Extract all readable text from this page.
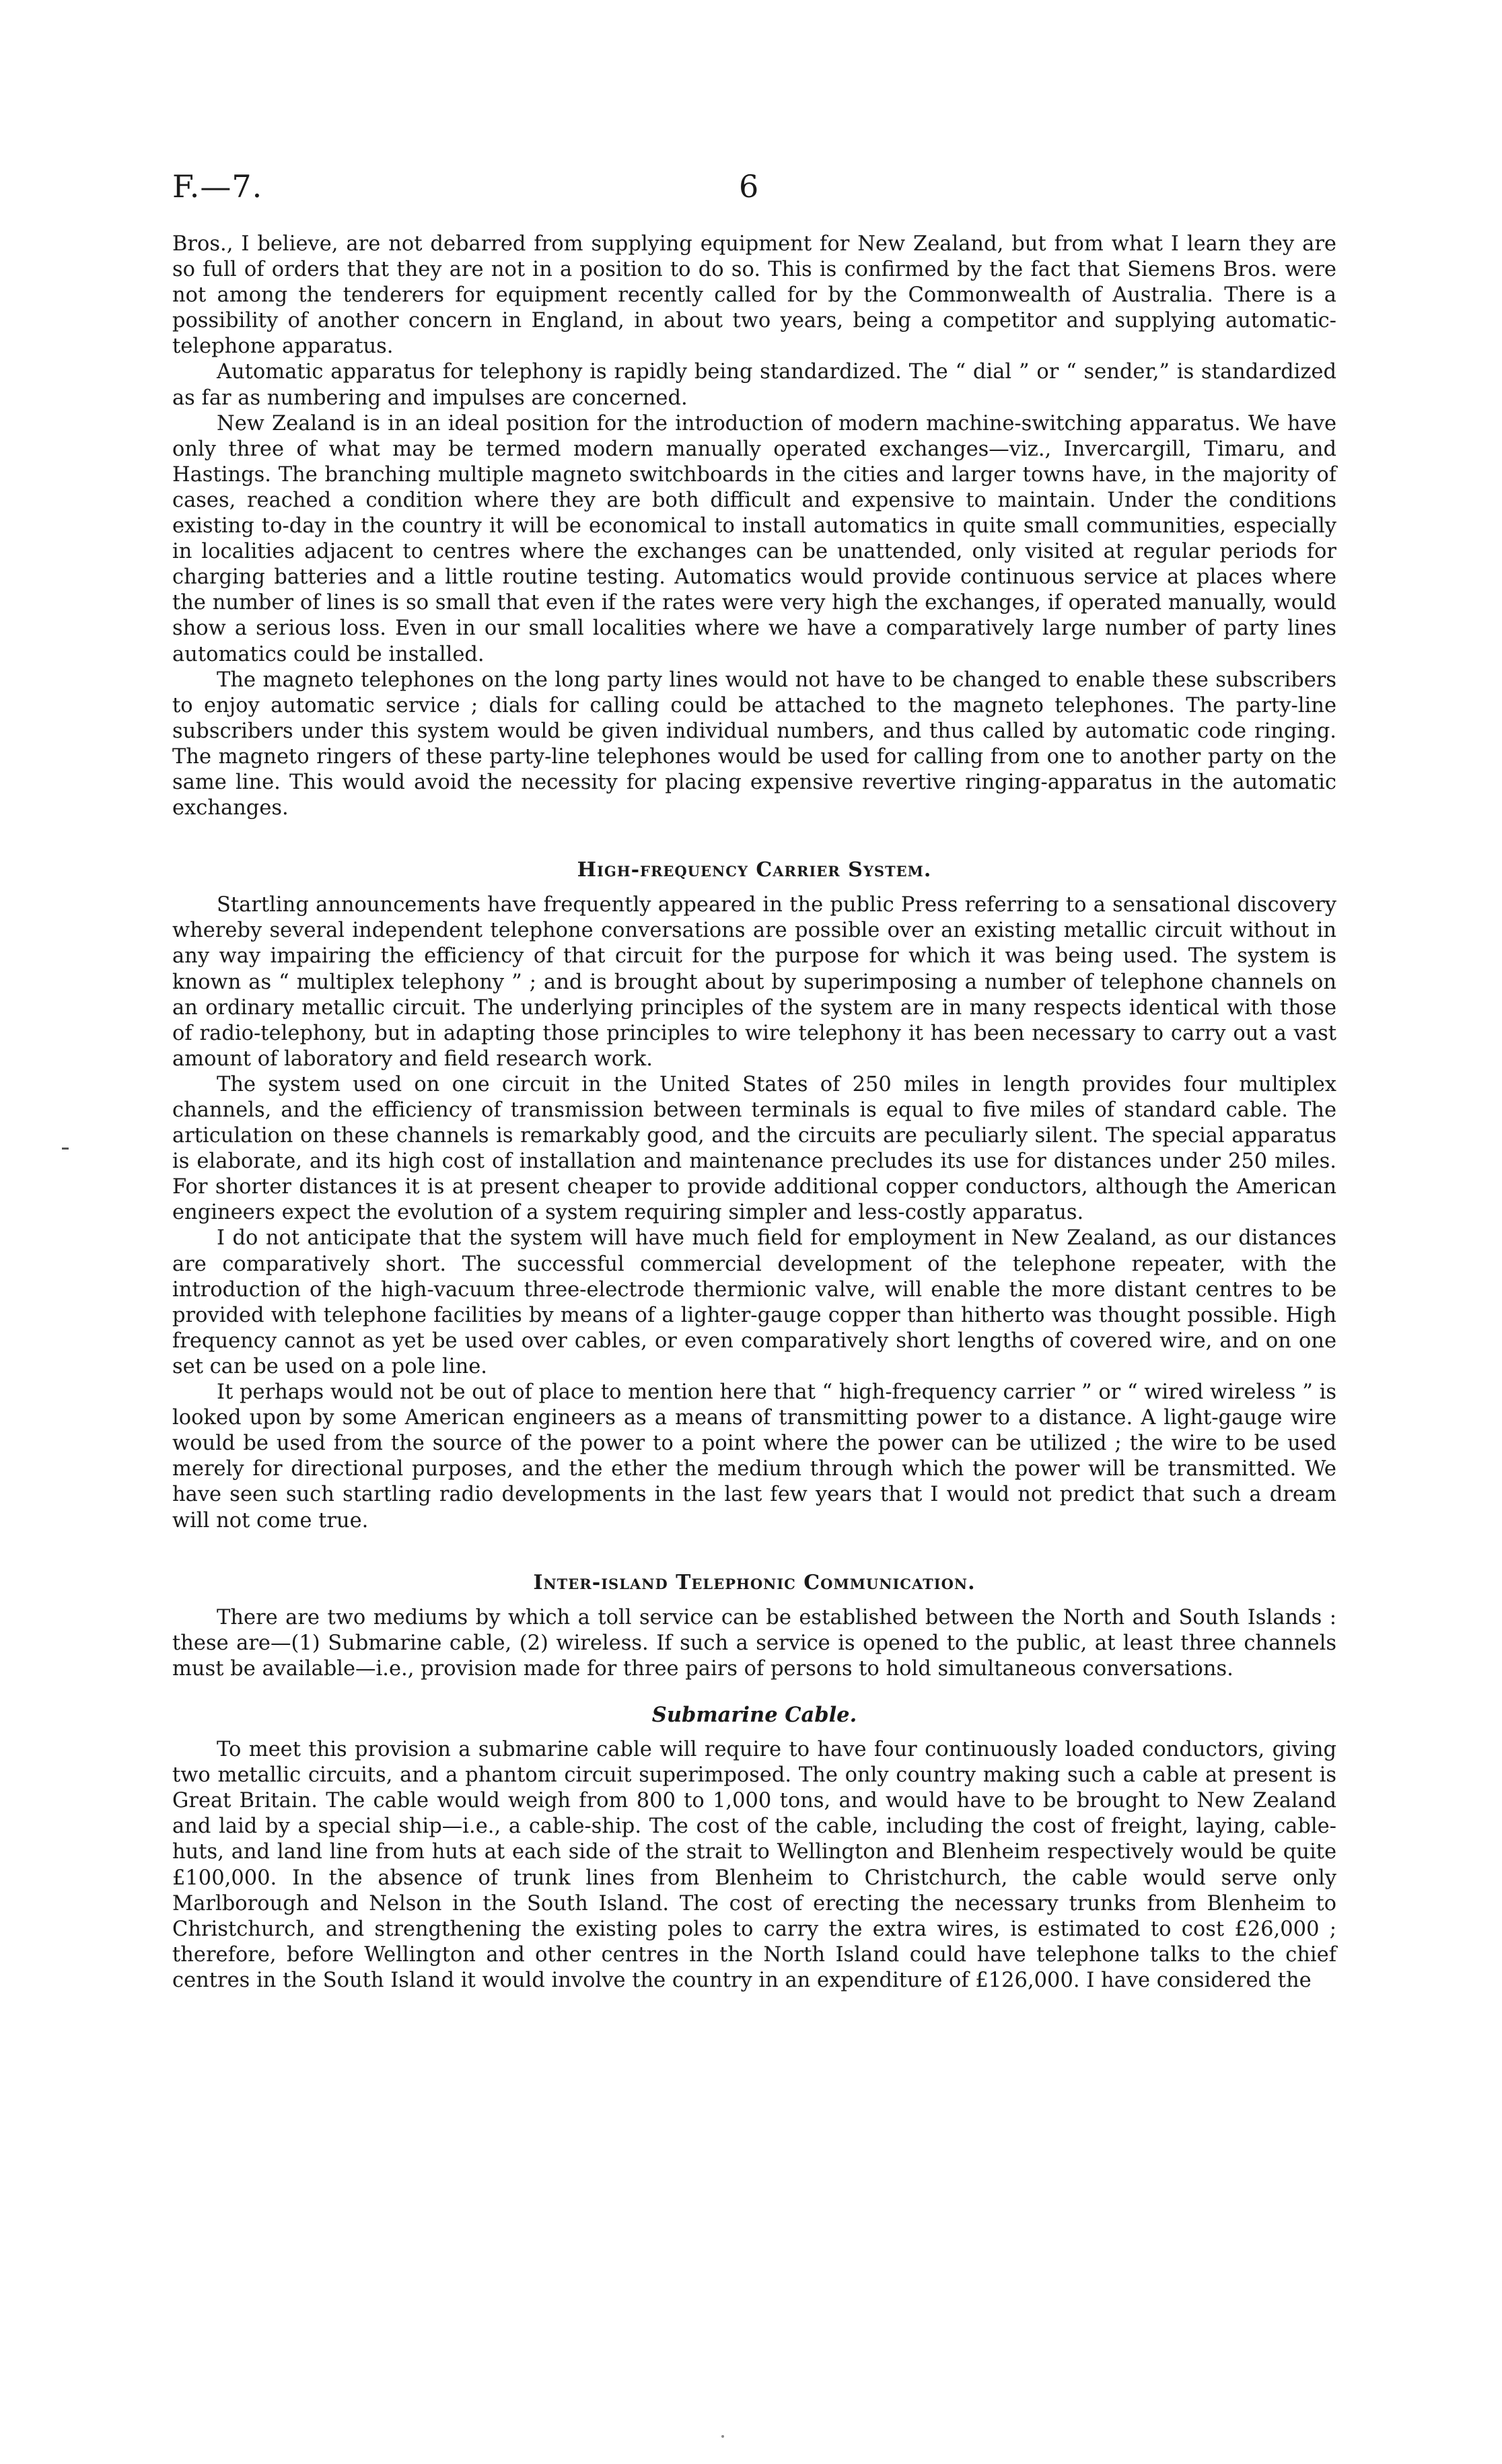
F.—7.	6

Bros., I believe, are not debarred from supplying equipment for New Zealand, but from what I learn they are so full of orders that they are not in a position to do so. This is confirmed by the fact that Siemens Bros. were not among the tenderers for equipment recently called for by the Commonwealth of Australia. There is a possibility of another concern in England, in about two years, being a competitor and supplying automatic-telephone apparatus.

Automatic apparatus for telephony is rapidly being standardized. The “ dial ” or “ sender,” is standardized as far as numbering and impulses are concerned.

New Zealand is in an ideal position for the introduction of modern machine-switching apparatus. We have only three of what may be termed modern manually operated exchanges—viz., Invercargill, Timaru, and Hastings. The branching multiple magneto switchboards in the cities and larger towns have, in the majority of cases, reached a condition where they are both difficult and expensive to maintain. Under the conditions existing to-day in the country it will be economical to install automatics in quite small communities, especially in localities adjacent to centres where the exchanges can be unattended, only visited at regular periods for charging batteries and a little routine testing. Automatics would provide continuous service at places where the number of lines is so small that even if the rates were very high the exchanges, if operated manually, would show a serious loss. Even in our small localities where we have a comparatively large number of party lines automatics could be installed.

The magneto telephones on the long party lines would not have to be changed to enable these subscribers to enjoy automatic service ; dials for calling could be attached to the magneto telephones. The party-line subscribers under this system would be given individual numbers, and thus called by automatic code ringing. The magneto ringers of these party-line telephones would be used for calling from one to another party on the same line. This would avoid the necessity for placing expensive revertive ringing-apparatus in the automatic exchanges.

High-frequency Carrier System.

Startling announcements have frequently appeared in the public Press referring to a sensational discovery whereby several independent telephone conversations are possible over an existing metallic circuit without in any way impairing the efficiency of that circuit for the purpose for which it was being used. The system is known as “ multiplex telephony ” ; and is brought about by superimposing a number of telephone channels on an ordinary metallic circuit. The underlying principles of the system are in many respects identical with those of radio-telephony, but in adapting those principles to wire telephony it has been necessary to carry out a vast amount of laboratory and field research work.

The system used on one circuit in the United States of 250 miles in length provides four multiplex channels, and the efficiency of transmission between terminals is equal to five miles of standard cable. The articulation on these channels is remarkably good, and the circuits are peculiarly silent. The special apparatus is elaborate, and its high cost of installation and maintenance precludes its use for distances under 250 miles. For shorter distances it is at present cheaper to provide additional copper conductors, although the American engineers expect the evolution of a system requiring simpler and less-costly apparatus.

I do not anticipate that the system will have much field for employment in New Zealand, as our distances are comparatively short. The successful commercial development of the telephone repeater, with the introduction of the high-vacuum three-electrode thermionic valve, will enable the more distant centres to be provided with telephone facilities by means of a lighter-gauge copper than hitherto was thought possible. High frequency cannot as yet be used over cables, or even comparatively short lengths of covered wire, and on one set can be used on a pole line.

It perhaps would not be out of place to mention here that “ high-frequency carrier ” or “ wired wireless ” is looked upon by some American engineers as a means of transmitting power to a distance. A light-gauge wire would be used from the source of the power to a point where the power can be utilized ; the wire to be used merely for directional purposes, and the ether the medium through which the power will be transmitted. We have seen such startling radio developments in the last few years that I would not predict that such a dream will not come true.

Inter-island Telephonic Communication.

There are two mediums by which a toll service can be established between the North and South Islands : these are—(1) Submarine cable, (2) wireless. If such a service is opened to the public, at least three channels must be available—i.e., provision made for three pairs of persons to hold simultaneous conversations.

Submarine Cable.

To meet this provision a submarine cable will require to have four continuously loaded conductors, giving two metallic circuits, and a phantom circuit superimposed. The only country making such a cable at present is Great Britain. The cable would weigh from 800 to 1,000 tons, and would have to be brought to New Zealand and laid by a special ship—i.e., a cable-ship. The cost of the cable, including the cost of freight, laying, cable-huts, and land line from huts at each side of the strait to Wellington and Blenheim respectively would be quite £100,000. In the absence of trunk lines from Blenheim to Christchurch, the cable would serve only Marlborough and Nelson in the South Island. The cost of erecting the necessary trunks from Blenheim to Christchurch, and strengthening the existing poles to carry the extra wires, is estimated to cost £26,000 ; therefore, before Wellington and other centres in the North Island could have telephone talks to the chief centres in the South Island it would involve the country in an expenditure of £126,000. I have considered the
